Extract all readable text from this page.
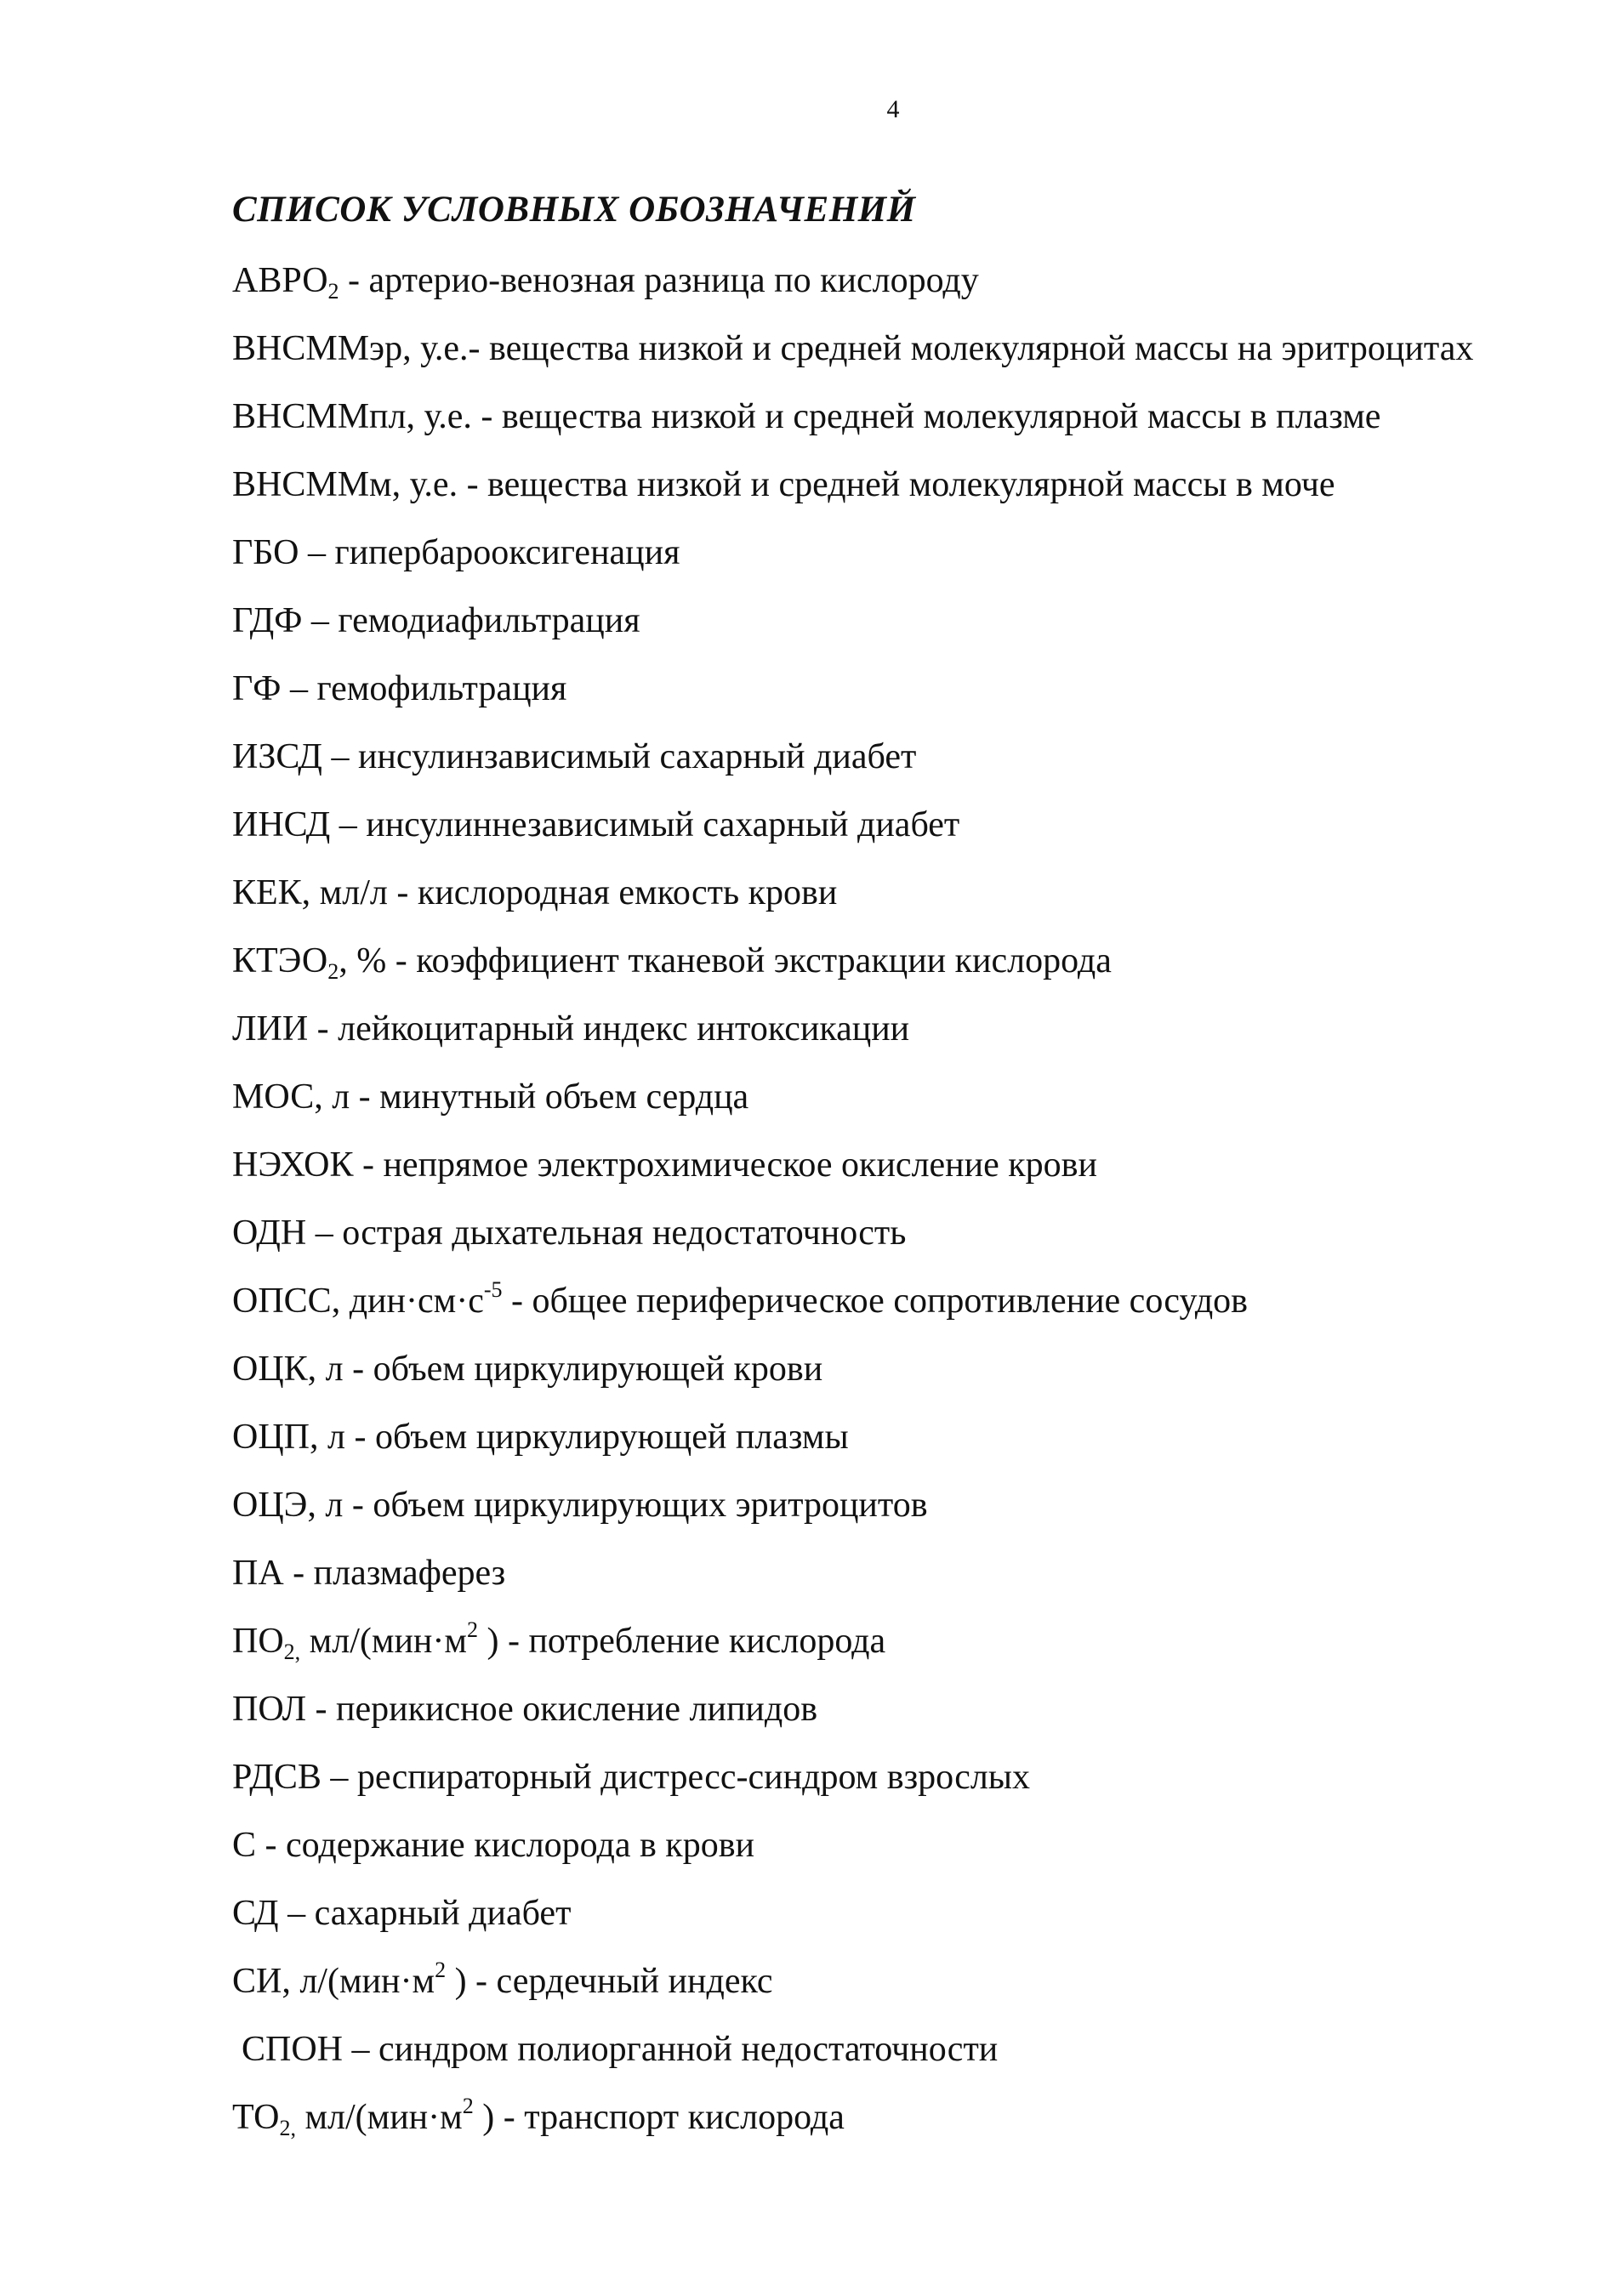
4
СПИСОК УСЛОВНЫХ ОБОЗНАЧЕНИЙ
$АВРО_2$ - артерио-венозная разница по кислороду
ВНСММэр, у.е.- вещества низкой и средней молекулярной массы на эритроцитах
ВНСММпл, у.е. - вещества низкой и средней молекулярной массы в плазме
ВНСММм, у.е. - вещества низкой и средней молекулярной массы в моче
ГБО – гипербарооксигенация
ГДФ – гемодиафильтрация
ГФ – гемофильтрация
ИЗСД – инсулинзависимый сахарный диабет
ИНСД – инсулиннезависимый сахарный диабет
КЕК, мл/л - кислородная емкость крови
$КТЭО_2$, % - коэффициент тканевой экстракции кислорода
ЛИИ - лейкоцитарный индекс интоксикации
МОС, л - минутный объем сердца
НЭХОК - непрямое электрохимическое окисление крови
ОДН – острая дыхательная недостаточность
ОПСС, $дин\cdot см\cdot с^{-5}$ - общее периферическое сопротивление сосудов
ОЦК, л - объем циркулирующей крови
ОЦП, л - объем циркулирующей плазмы
ОЦЭ, л - объем циркулирующих эритроцитов
ПА - плазмаферез
$ПО_{2,}$ $мл/(мин\cdot м^2$ ) - потребление кислорода
ПОЛ - перикисное окисление липидов
РДСВ – респираторный дистресс-синдром взрослых
С - содержание кислорода в крови
СД – сахарный диабет
СИ, $л/(мин\cdot м^2$ ) - сердечный индекс
СПОН – синдром полиорганной недостаточности
$ТО_{2,}$ $мл/(мин\cdot м^2$ ) - транспорт кислорода
